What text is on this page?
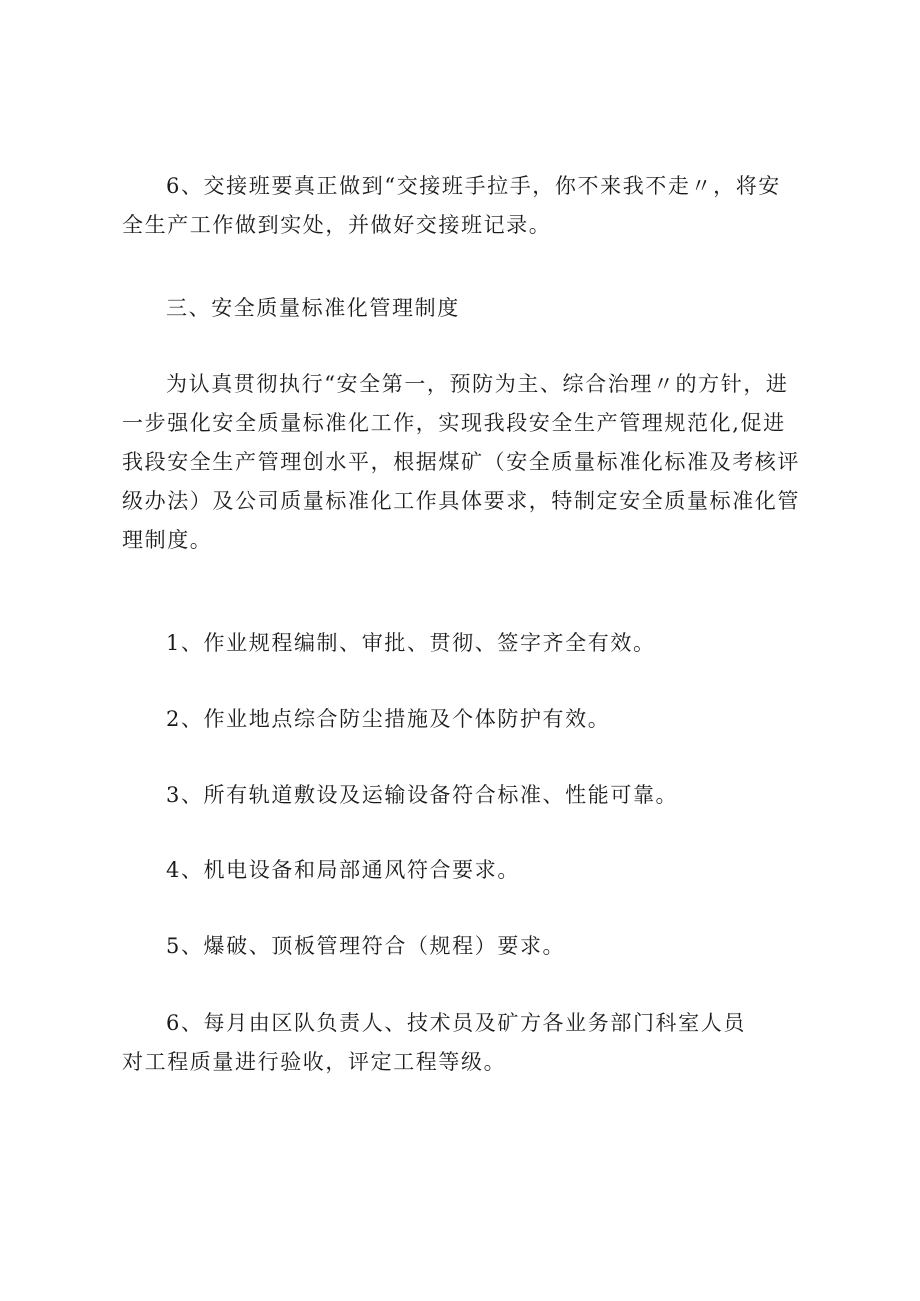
6、交接班要真正做到“交接班手拉手，你不来我不走〃，将安
全生产工作做到实处，并做好交接班记录。
三、安全质量标准化管理制度
为认真贯彻执行“安全第一，预防为主、综合治理〃的方针，进
一步强化安全质量标准化工作，实现我段安全生产管理规范化,促进
我段安全生产管理创水平，根据煤矿（安全质量标准化标准及考核评
级办法）及公司质量标准化工作具体要求，特制定安全质量标准化管
理制度。
1、作业规程编制、审批、贯彻、签字齐全有效。
2、作业地点综合防尘措施及个体防护有效。
3、所有轨道敷设及运输设备符合标准、性能可靠。
4、机电设备和局部通风符合要求。
5、爆破、顶板管理符合（规程）要求。
6、每月由区队负责人、技术员及矿方各业务部门科室人员
对工程质量进行验收，评定工程等级。
